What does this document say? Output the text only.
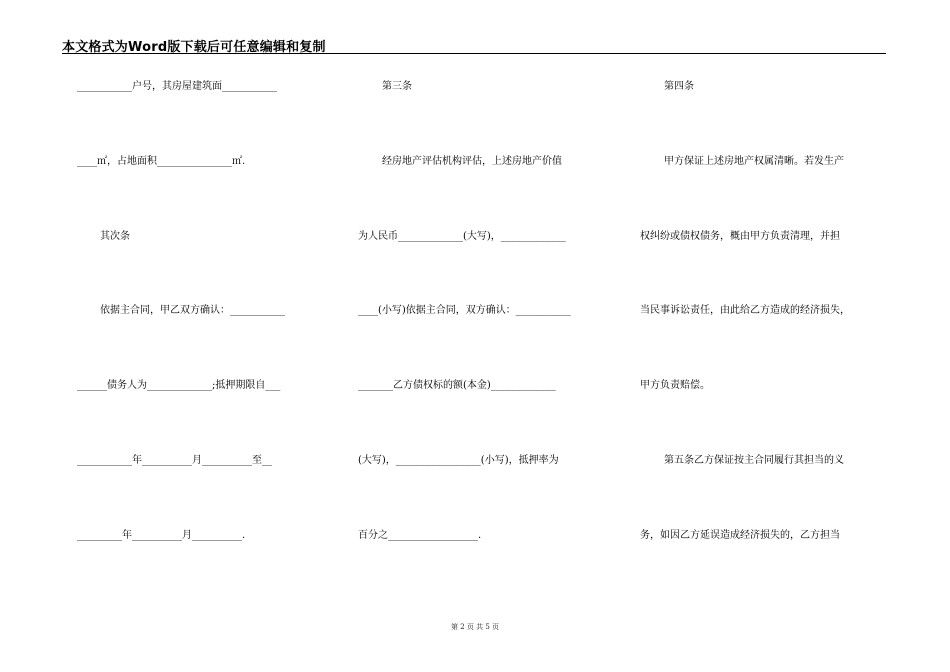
本文格式为Word版下载后可任意编辑和复制
___________户号，其房屋建筑面___________
____㎡，占地面积_______________㎡.
其次条
依据主合同，甲乙双方确认：___________
______债务人为_____________;抵押期限自___
___________年__________月__________至__
_________年__________月__________.
第三条
经房地产评估机构评估，上述房地产价值
为人民币_____________(大写)，_____________
____(小写)依据主合同，双方确认：___________
_______乙方债权标的额(本金)_____________
(大写)，_________________(小写)，抵押率为
百分之__________________.
第四条
甲方保证上述房地产权属清晰。若发生产
权纠纷或债权债务，概由甲方负责清理，并担
当民事诉讼责任，由此给乙方造成的经济损失，
甲方负责赔偿。
第五条乙方保证按主合同履行其担当的义
务，如因乙方延误造成经济损失的，乙方担当
第 2 页 共 5 页
